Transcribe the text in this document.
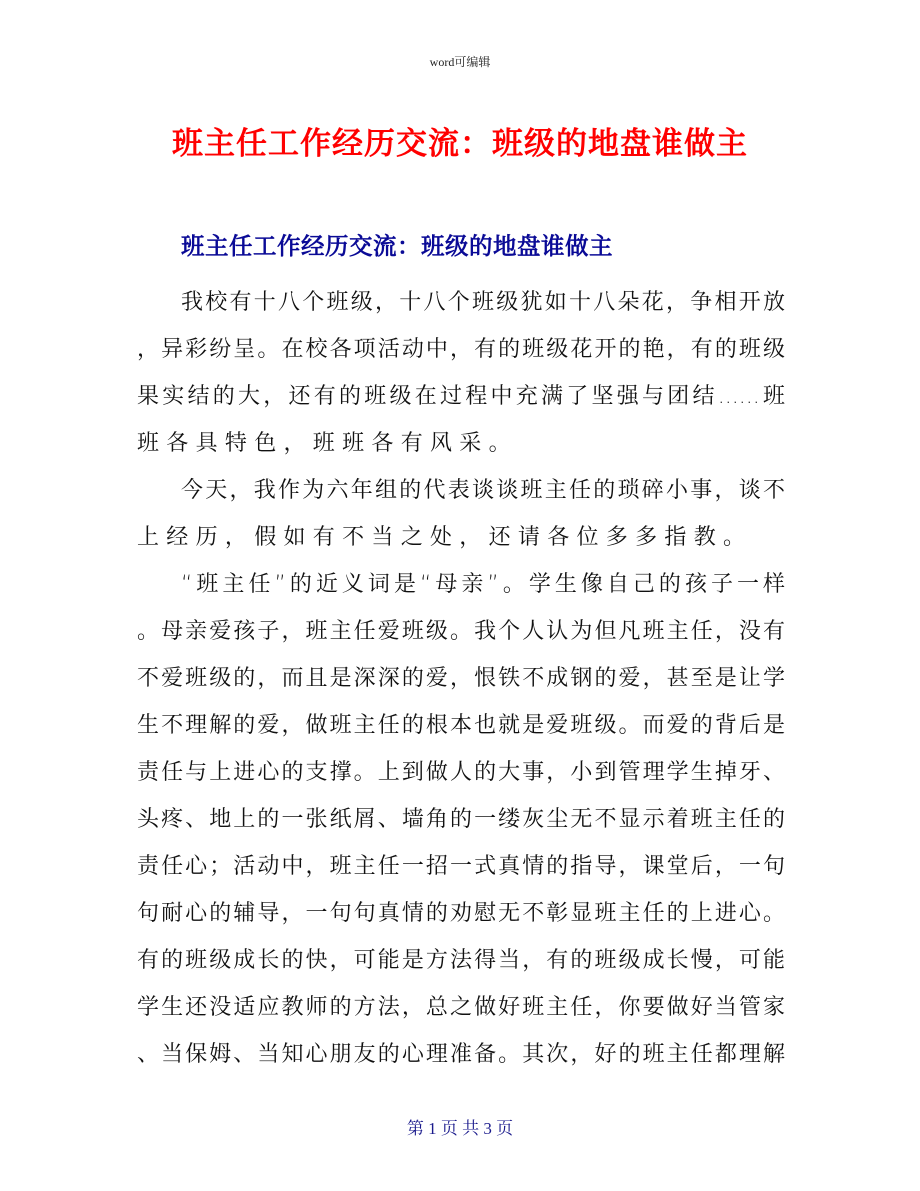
word可编辑
班主任工作经历交流：班级的地盘谁做主
班主任工作经历交流：班级的地盘谁做主
我校有十八个班级，十八个班级犹如十八朵花，争相开放
，异彩纷呈。在校各项活动中，有的班级花开的艳，有的班级
果实结的大，还有的班级在过程中充满了坚强与团结......班
班各具特色，班班各有风采。
今天，我作为六年组的代表谈谈班主任的琐碎小事，谈不
上经历，假如有不当之处，还请各位多多指教。
“班主任”的近义词是“母亲”。学生像自己的孩子一样
。母亲爱孩子，班主任爱班级。我个人认为但凡班主任，没有
不爱班级的，而且是深深的爱，恨铁不成钢的爱，甚至是让学
生不理解的爱，做班主任的根本也就是爱班级。而爱的背后是
责任与上进心的支撑。上到做人的大事，小到管理学生掉牙、
头疼、地上的一张纸屑、墙角的一缕灰尘无不显示着班主任的
责任心；活动中，班主任一招一式真情的指导，课堂后，一句
句耐心的辅导，一句句真情的劝慰无不彰显班主任的上进心。
有的班级成长的快，可能是方法得当，有的班级成长慢，可能
学生还没适应教师的方法，总之做好班主任，你要做好当管家
、当保姆、当知心朋友的心理准备。其次，好的班主任都理解
第 1 页 共 3 页
